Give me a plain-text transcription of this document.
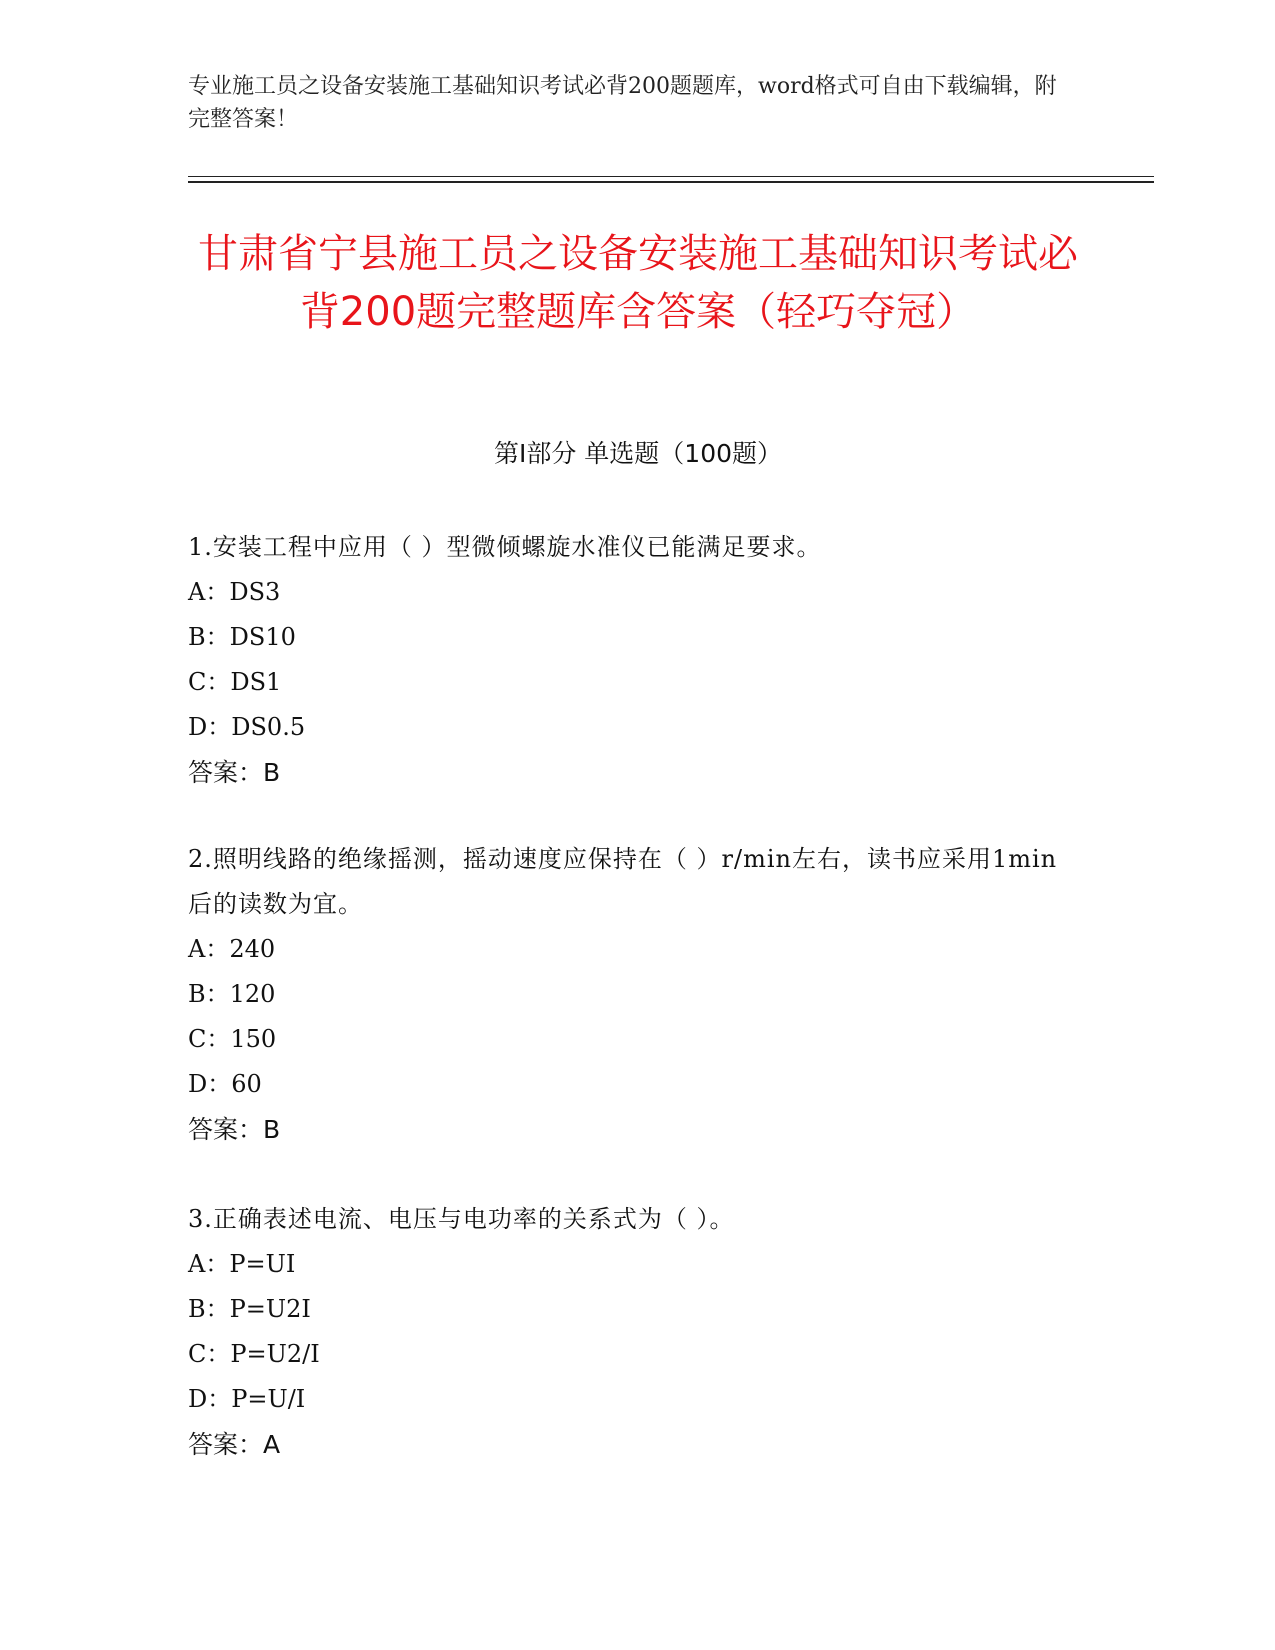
专业施工员之设备安装施工基础知识考试必背200题题库，word格式可自由下载编辑，附完整答案！
甘肃省宁县施工员之设备安装施工基础知识考试必背200题完整题库含答案（轻巧夺冠）
第Ⅰ部分 单选题（100题）
1.安装工程中应用（ ）型微倾螺旋水准仪已能满足要求。
A：DS3
B：DS10
C：DS1
D：DS0.5
答案：B
2.照明线路的绝缘摇测，摇动速度应保持在（ ）r/min左右，读书应采用1min后的读数为宜。
A：240
B：120
C：150
D：60
答案：B
3.正确表述电流、电压与电功率的关系式为（ ）。
A：P=UI
B：P=U2I
C：P=U2/I
D：P=U/I
答案：A
